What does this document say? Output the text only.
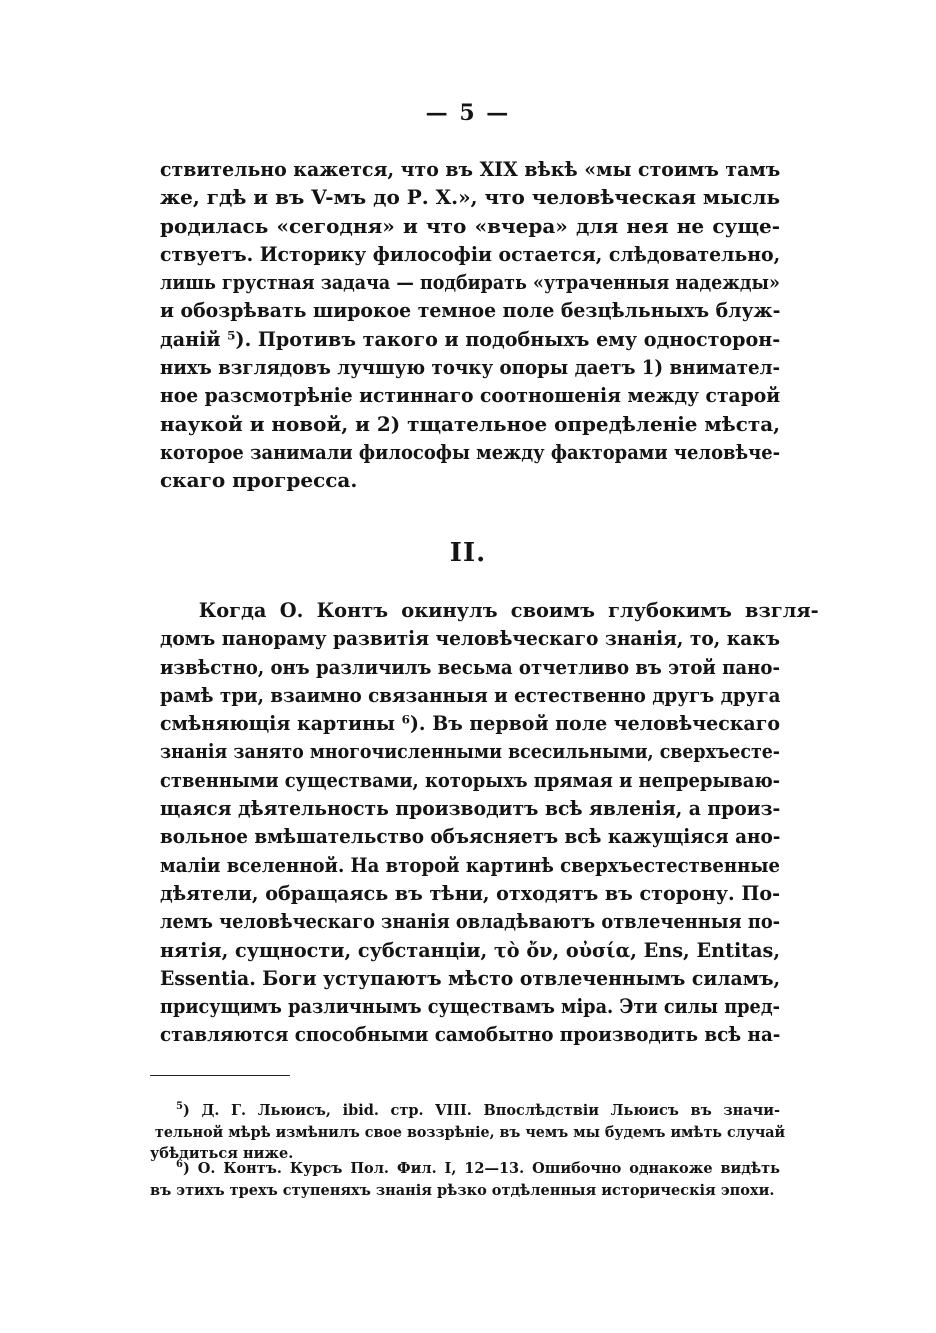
— 5 —
ствительно кажется, что въ XIX вѣкѣ «мы стоимъ тамъ
же, гдѣ и въ V-мъ до Р. Х.», что человѣческая мысль
родилась «сегодня» и что «вчера» для нея не суще-
ствуетъ. Историку философіи остается, слѣдовательно,
лишь грустная задача — подбирать «утраченныя надежды»
и обозрѣвать широкое темное поле безцѣльныхъ блуж-
даній ⁵). Противъ такого и подобныхъ ему односторон-
нихъ взглядовъ лучшую точку опоры даетъ 1) внимател-
ное разсмотрѣніе истиннаго соотношенія между старой
наукой и новой, и 2) тщательное опредѣленіе мѣста,
которое занимали философы между факторами человѣче-
скаго прогресса.
II.
Когда О. Контъ окинулъ своимъ глубокимъ взгля-
домъ панораму развитія человѣческаго знанія, то, какъ
извѣстно, онъ различилъ весьма отчетливо въ этой пано-
рамѣ три, взаимно связанныя и естественно другъ друга
смѣняющія картины ⁶). Въ первой поле человѣческаго
знанія занято многочисленными всесильными, сверхъесте-
ственными существами, которыхъ прямая и непрерываю-
щаяся дѣятельность производитъ всѣ явленія, а произ-
вольное вмѣшательство объясняетъ всѣ кажущіяся ано-
маліи вселенной. На второй картинѣ сверхъестественные
дѣятели, обращаясь въ тѣни, отходятъ въ сторону. По-
лемъ человѣческаго знанія овладѣваютъ отвлеченныя по-
нятія, сущности, субстанціи, τὸ ὄν, οὐσία, Ens, Entitas,
Essentia. Боги уступаютъ мѣсто отвлеченнымъ силамъ,
присущимъ различнымъ существамъ міра. Эти силы пред-
ставляются способными самобытно производить всѣ на-
$^5$) Д. Г. Льюисъ, ibid. стр. VIII. Впослѣдствіи Льюисъ въ значи-
тельной мѣрѣ измѣнилъ свое воззрѣніе, въ чемъ мы будемъ имѣть случай
убѣдиться ниже.
$^6$) О. Контъ. Курсъ Пол. Фил. I, 12—13. Ошибочно однакоже видѣть
въ этихъ трехъ ступеняхъ знанія рѣзко отдѣленныя историческія эпохи.
